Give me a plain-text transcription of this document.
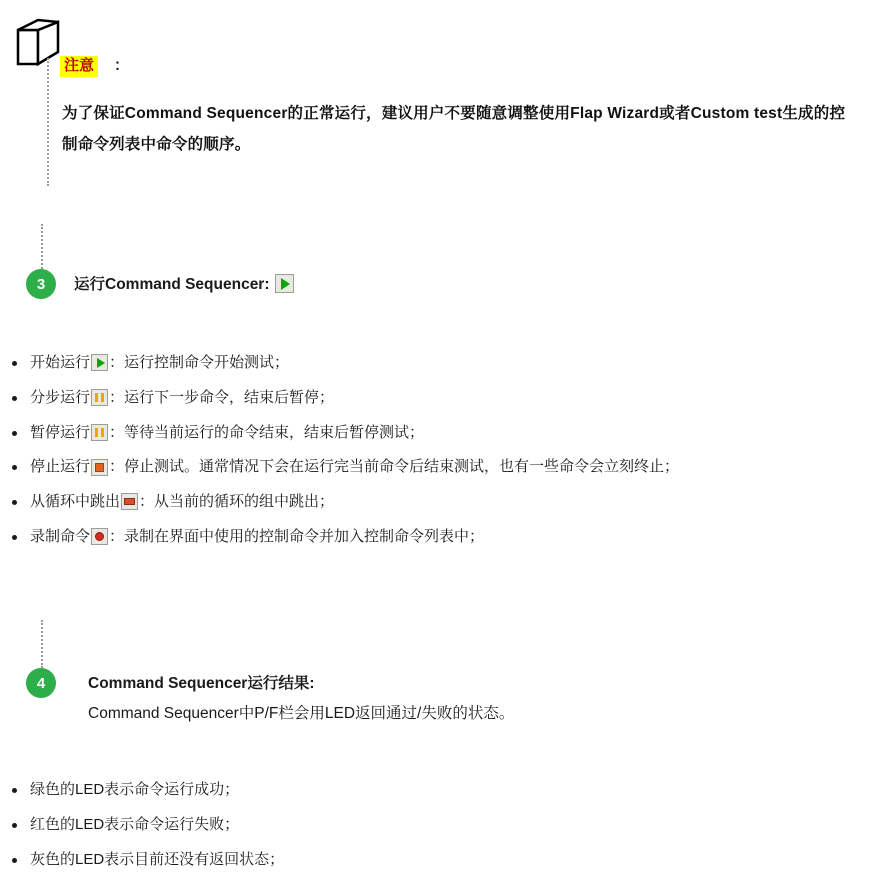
注意	：
为了保证Command Sequencer的正常运行，建议用户不要随意调整使用Flap Wizard或者Custom test生成的控制命令列表中命令的顺序。
3	运行Command Sequencer:
开始运行 ：运行控制命令开始测试；
分步运行 ：运行下一步命令，结束后暂停；
暂停运行 ：等待当前运行的命令结束，结束后暂停测试；
停止运行 ：停止测试。通常情况下会在运行完当前命令后结束测试，也有一些命令会立刻终止；
从循环中跳出 ：从当前的循环的组中跳出；
录制命令 ：录制在界面中使用的控制命令并加入控制命令列表中；
4	Command Sequencer运行结果:
Command Sequencer中P/F栏会用LED返回通过/失败的状态。
绿色的LED表示命令运行成功；
红色的LED表示命令运行失败；
灰色的LED表示目前还没有返回状态；
